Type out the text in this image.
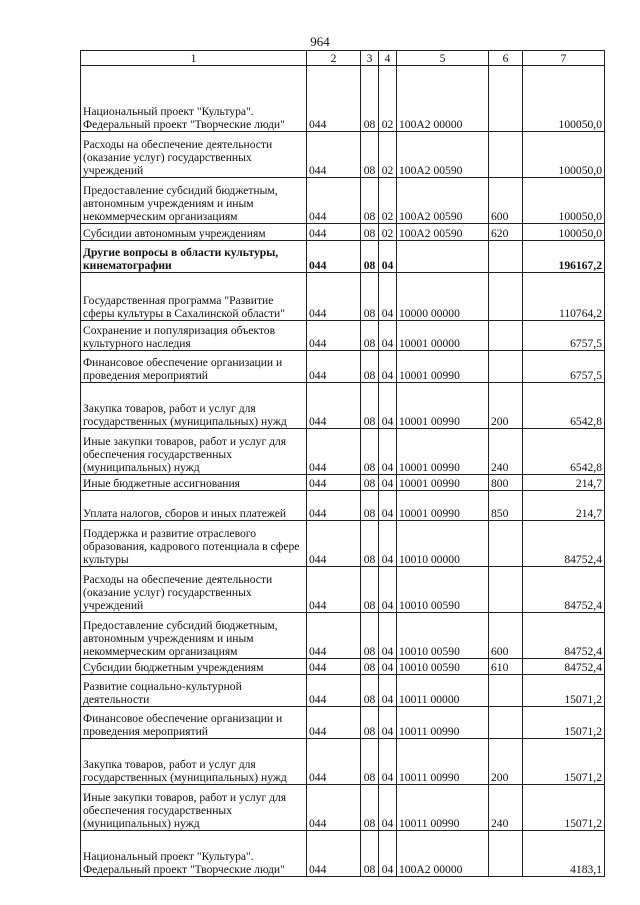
964
1	2	3	4	5	6	7
Национальный проект "Культура". Федеральный проект "Творческие люди"	044	08	02	100A2 00000		100050,0
Расходы на обеспечение деятельности (оказание услуг) государственных учреждений	044	08	02	100A2 00590		100050,0
Предоставление субсидий бюджетным, автономным учреждениям и иным некоммерческим организациям	044	08	02	100A2 00590	600	100050,0
Субсидии автономным учреждениям	044	08	02	100A2 00590	620	100050,0
Другие вопросы в области культуры, кинематографии	044	08	04			196167,2
Государственная программа "Развитие сферы культуры в Сахалинской области"	044	08	04	10000 00000		110764,2
Сохранение и популяризация объектов культурного наследия	044	08	04	10001 00000		6757,5
Финансовое обеспечение организации и проведения мероприятий	044	08	04	10001 00990		6757,5
Закупка товаров, работ и услуг для государственных (муниципальных) нужд	044	08	04	10001 00990	200	6542,8
Иные закупки товаров, работ и услуг для обеспечения государственных (муниципальных) нужд	044	08	04	10001 00990	240	6542,8
Иные бюджетные ассигнования	044	08	04	10001 00990	800	214,7
Уплата налогов, сборов и иных платежей	044	08	04	10001 00990	850	214,7
Поддержка и развитие отраслевого образования, кадрового потенциала в сфере культуры	044	08	04	10010 00000		84752,4
Расходы на обеспечение деятельности (оказание услуг) государственных учреждений	044	08	04	10010 00590		84752,4
Предоставление субсидий бюджетным, автономным учреждениям и иным некоммерческим организациям	044	08	04	10010 00590	600	84752,4
Субсидии бюджетным учреждениям	044	08	04	10010 00590	610	84752,4
Развитие социально-культурной деятельности	044	08	04	10011 00000		15071,2
Финансовое обеспечение организации и проведения мероприятий	044	08	04	10011 00990		15071,2
Закупка товаров, работ и услуг для государственных (муниципальных) нужд	044	08	04	10011 00990	200	15071,2
Иные закупки товаров, работ и услуг для обеспечения государственных (муниципальных) нужд	044	08	04	10011 00990	240	15071,2
Национальный проект "Культура". Федеральный проект "Творческие люди"	044	08	04	100A2 00000		4183,1
